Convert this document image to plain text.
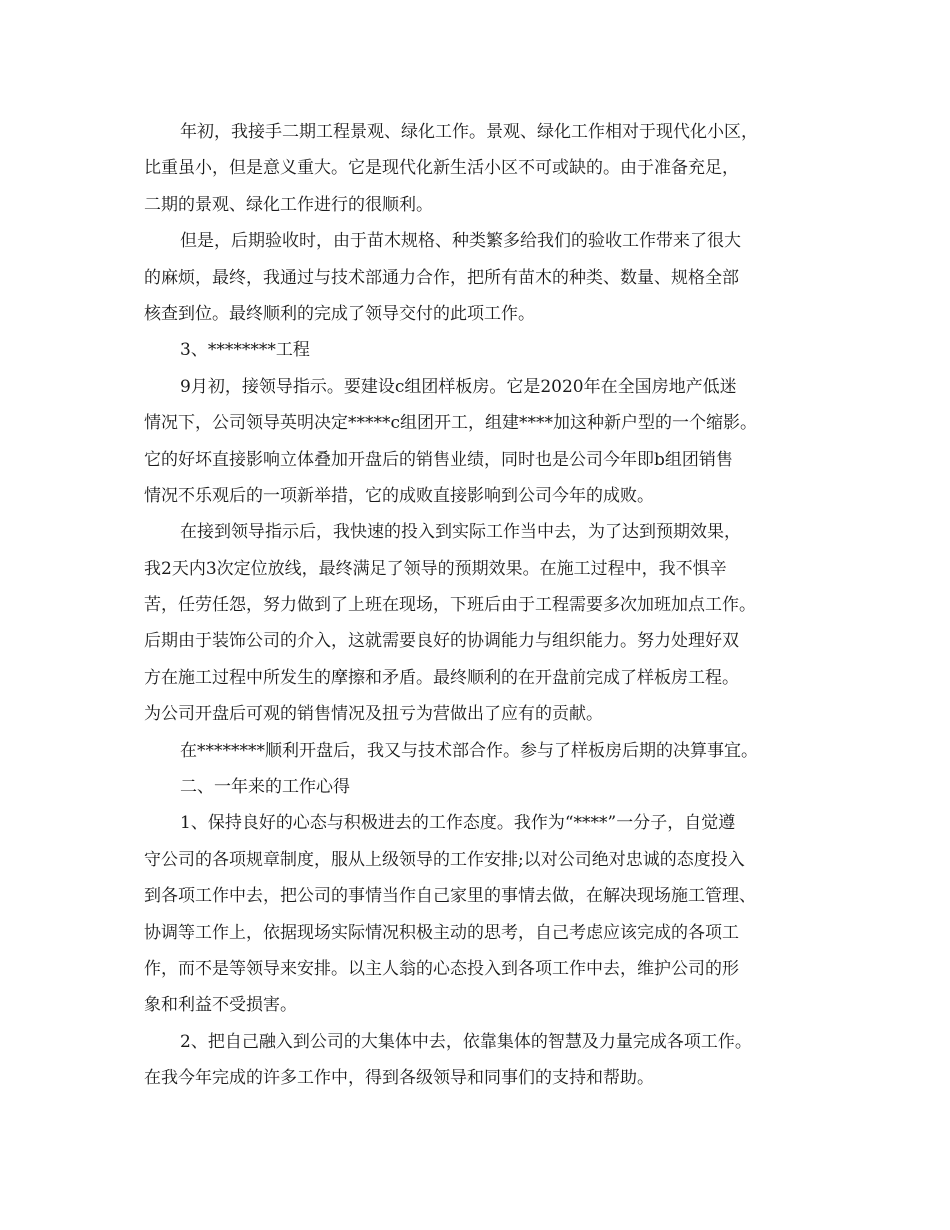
年初，我接手二期工程景观、绿化工作。景观、绿化工作相对于现代化小区，
比重虽小，但是意义重大。它是现代化新生活小区不可或缺的。由于准备充足，
二期的景观、绿化工作进行的很顺利。
但是，后期验收时，由于苗木规格、种类繁多给我们的验收工作带来了很大
的麻烦，最终，我通过与技术部通力合作，把所有苗木的种类、数量、规格全部
核查到位。最终顺利的完成了领导交付的此项工作。
3、********工程
9月初，接领导指示。要建设c组团样板房。它是2020年在全国房地产低迷
情况下，公司领导英明决定*****c组团开工，组建****加这种新户型的一个缩影。
它的好坏直接影响立体叠加开盘后的销售业绩，同时也是公司今年即b组团销售
情况不乐观后的一项新举措，它的成败直接影响到公司今年的成败。
在接到领导指示后，我快速的投入到实际工作当中去，为了达到预期效果，
我2天内3次定位放线，最终满足了领导的预期效果。在施工过程中，我不惧辛
苦，任劳任怨，努力做到了上班在现场，下班后由于工程需要多次加班加点工作。
后期由于装饰公司的介入，这就需要良好的协调能力与组织能力。努力处理好双
方在施工过程中所发生的摩擦和矛盾。最终顺利的在开盘前完成了样板房工程。
为公司开盘后可观的销售情况及扭亏为营做出了应有的贡献。
在********顺利开盘后，我又与技术部合作。参与了样板房后期的决算事宜。
二、一年来的工作心得
1、保持良好的心态与积极进去的工作态度。我作为“****”一分子，自觉遵
守公司的各项规章制度，服从上级领导的工作安排;以对公司绝对忠诚的态度投入
到各项工作中去，把公司的事情当作自己家里的事情去做，在解决现场施工管理、
协调等工作上，依据现场实际情况积极主动的思考，自己考虑应该完成的各项工
作，而不是等领导来安排。以主人翁的心态投入到各项工作中去，维护公司的形
象和利益不受损害。
2、把自己融入到公司的大集体中去，依靠集体的智慧及力量完成各项工作。
在我今年完成的许多工作中，得到各级领导和同事们的支持和帮助。
